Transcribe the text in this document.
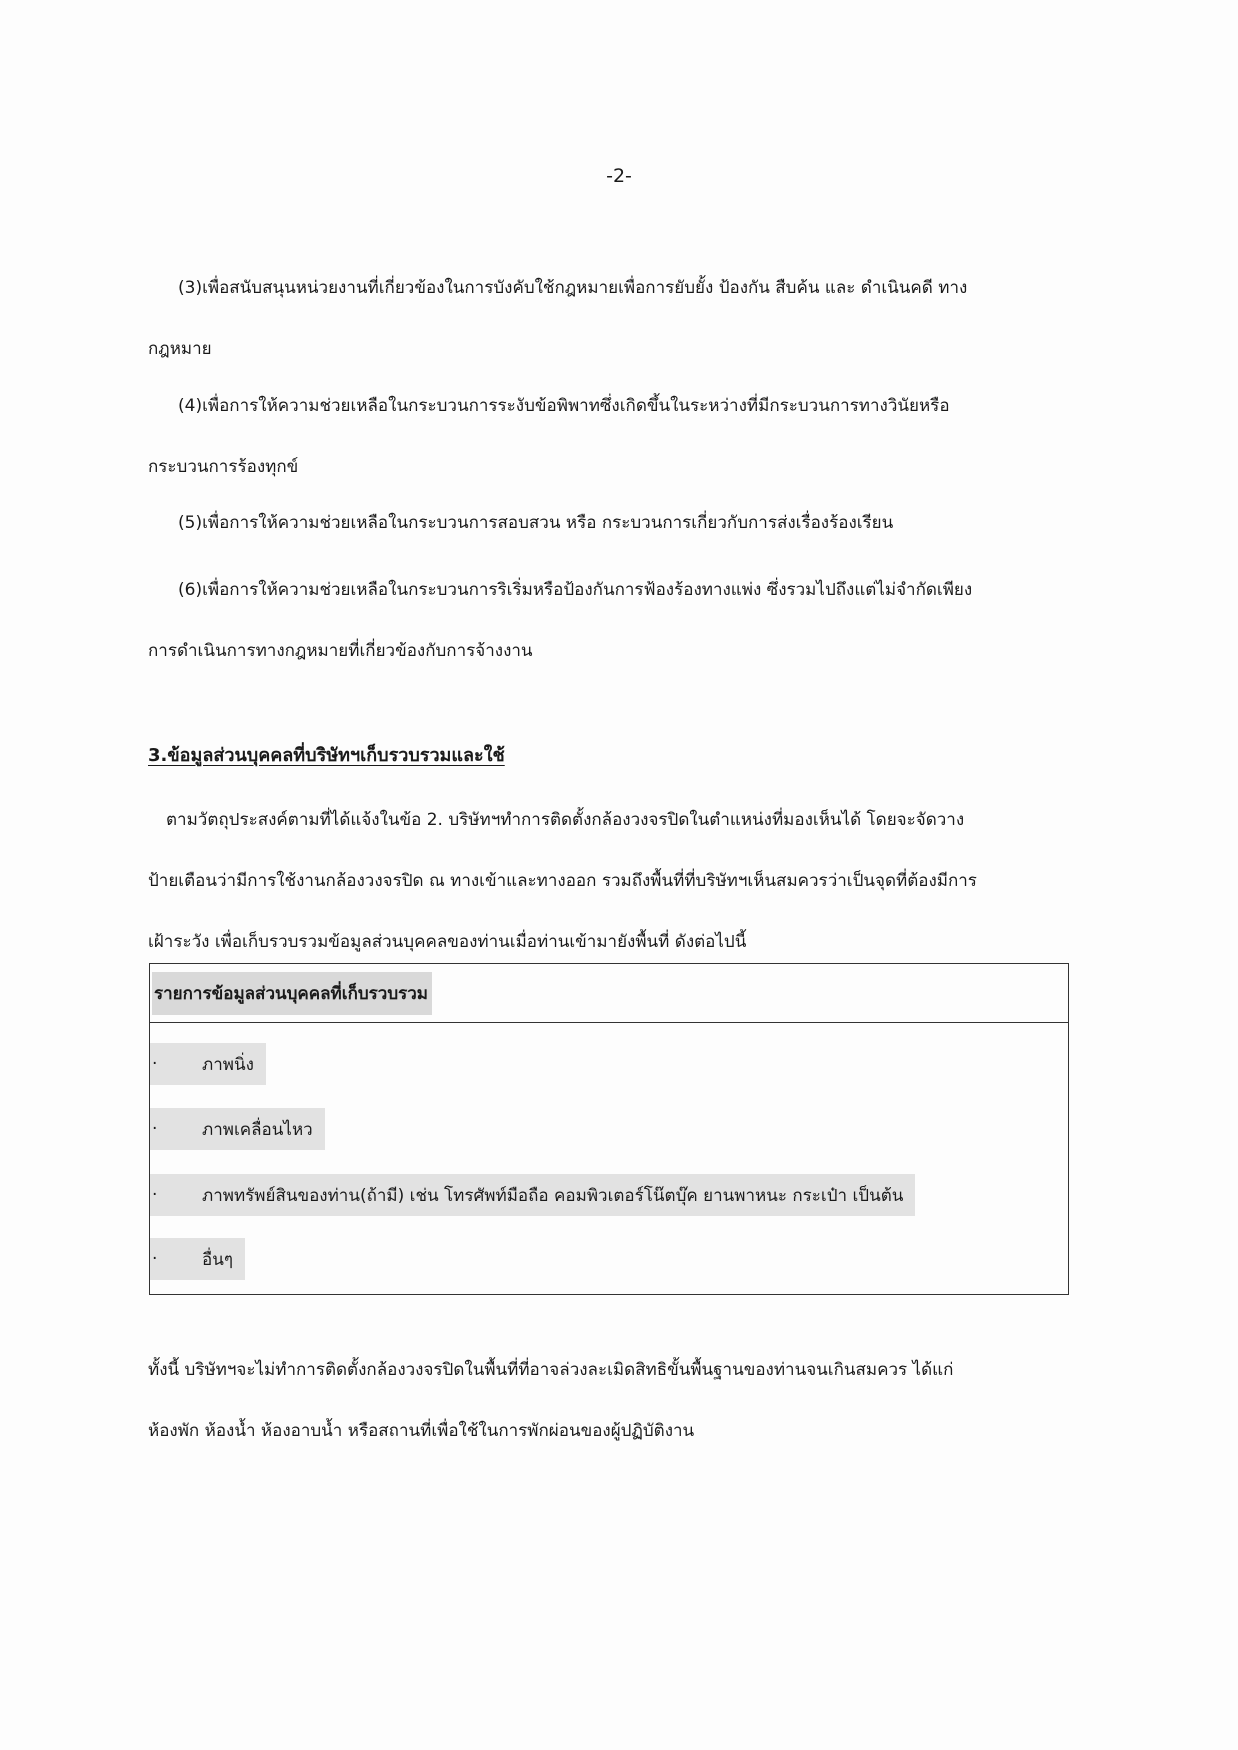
-2-
(3)เพื่อสนับสนุนหน่วยงานที่เกี่ยวข้องในการบังคับใช้กฎหมายเพื่อการยับยั้ง ป้องกัน สืบค้น และ ดำเนินคดี ทาง
กฎหมาย
(4)เพื่อการให้ความช่วยเหลือในกระบวนการระงับข้อพิพาทซึ่งเกิดขึ้นในระหว่างที่มีกระบวนการทางวินัยหรือ
กระบวนการร้องทุกข์
(5)เพื่อการให้ความช่วยเหลือในกระบวนการสอบสวน หรือ กระบวนการเกี่ยวกับการส่งเรื่องร้องเรียน
(6)เพื่อการให้ความช่วยเหลือในกระบวนการริเริ่มหรือป้องกันการฟ้องร้องทางแพ่ง ซึ่งรวมไปถึงแต่ไม่จำกัดเพียง
การดำเนินการทางกฎหมายที่เกี่ยวข้องกับการจ้างงาน
3.ข้อมูลส่วนบุคคลที่บริษัทฯเก็บรวบรวมและใช้
ตามวัตถุประสงค์ตามที่ได้แจ้งในข้อ 2. บริษัทฯทำการติดตั้งกล้องวงจรปิดในตำแหน่งที่มองเห็นได้ โดยจะจัดวาง
ป้ายเตือนว่ามีการใช้งานกล้องวงจรปิด ณ ทางเข้าและทางออก รวมถึงพื้นที่ที่บริษัทฯเห็นสมควรว่าเป็นจุดที่ต้องมีการ
เฝ้าระวัง เพื่อเก็บรวบรวมข้อมูลส่วนบุคคลของท่านเมื่อท่านเข้ามายังพื้นที่ ดังต่อไปนี้
รายการข้อมูลส่วนบุคคลที่เก็บรวบรวม
·	ภาพนิ่ง
·	ภาพเคลื่อนไหว
·	ภาพทรัพย์สินของท่าน(ถ้ามี) เช่น โทรศัพท์มือถือ คอมพิวเตอร์โน๊ตบุ๊ค ยานพาหนะ กระเป๋า เป็นต้น
·	อื่นๆ
ทั้งนี้ บริษัทฯจะไม่ทำการติดตั้งกล้องวงจรปิดในพื้นที่ที่อาจล่วงละเมิดสิทธิขั้นพื้นฐานของท่านจนเกินสมควร ได้แก่
ห้องพัก ห้องน้ำ ห้องอาบน้ำ หรือสถานที่เพื่อใช้ในการพักผ่อนของผู้ปฏิบัติงาน
